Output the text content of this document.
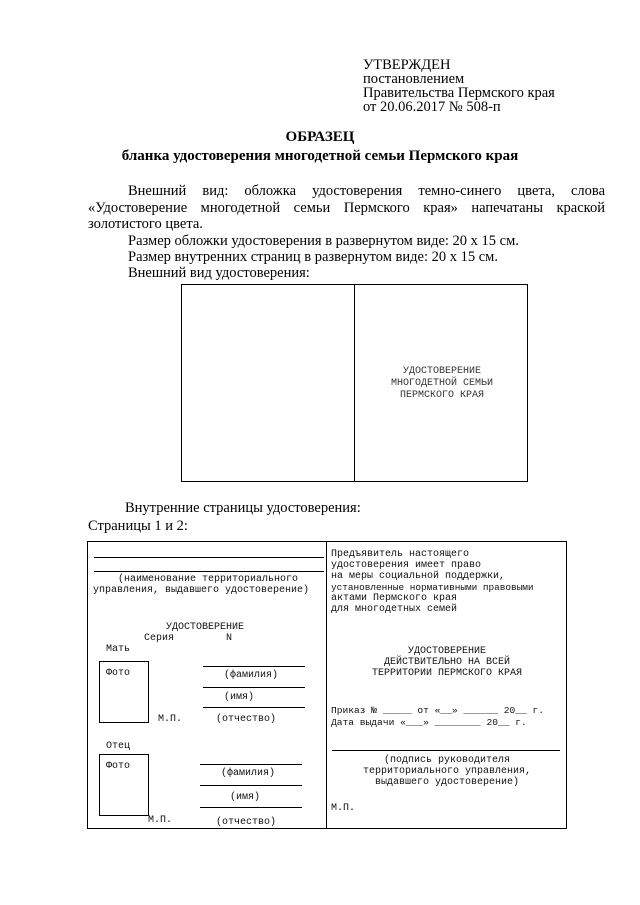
УТВЕРЖДЕН
постановлением
Правительства Пермского края
от 20.06.2017 № 508-п
ОБРАЗЕЦ
бланка удостоверения многодетной семьи Пермского края
Внешний вид: обложка удостоверения темно-синего цвета, слова
«Удостоверение многодетной семьи Пермского края» напечатаны краской
золотистого цвета.
Размер обложки удостоверения в развернутом виде: 20 х 15 см.
Размер внутренних страниц в развернутом виде: 20 х 15 см.
Внешний вид удостоверения:
УДОСТОВЕРЕНИЕ
МНОГОДЕТНОЙ СЕМЬИ
ПЕРМСКОГО КРАЯ
Внутренние страницы удостоверения:
Страницы 1 и 2:
(наименование территориального
управления, выдавшего удостоверение)
УДОСТОВЕРЕНИЕ
Серия	N
Мать
Фото	(фамилия)
(имя)
М.П.	(отчество)
Отец
Фото
(фамилия)
(имя)
М.П.	(отчество)
Предъявитель настоящего
удостоверения имеет право
на меры социальной поддержки,
установленные нормативными правовыми
актами Пермского края
для многодетных семей
УДОСТОВЕРЕНИЕ
ДЕЙСТВИТЕЛЬНО НА ВСЕЙ
ТЕРРИТОРИИ ПЕРМСКОГО КРАЯ
Приказ № _____ от «__» ______ 20__ г.
Дата выдачи «___» ________ 20__ г.
(подпись руководителя
территориального управления,
выдавшего удостоверение)
М.П.
